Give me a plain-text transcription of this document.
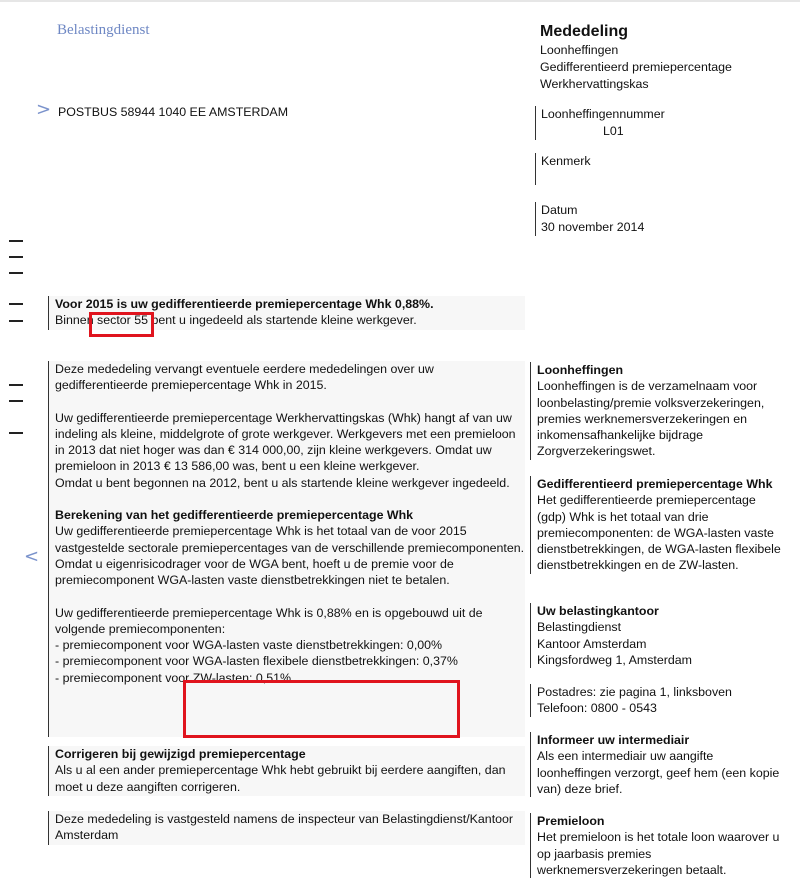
Belastingdienst
> POSTBUS 58944 1040 EE AMSTERDAM
<
Mededeling
Loonheffingen
Gedifferentieerd premiepercentage
Werkhervattingskas
Loonheffingennummer
L01
Kenmerk
Datum
30 november 2014

Voor 2015 is uw gedifferentieerde premiepercentage Whk 0,88%.

Binnen sector 55 bent u ingedeeld als startende kleine werkgever.

Deze mededeling vervangt eventuele eerdere mededelingen over uw gedifferentieerde premiepercentage Whk in 2015.

Uw gedifferentieerde premiepercentage Werkhervattingskas (Whk) hangt af van uw indeling als kleine, middelgrote of grote werkgever. Werkgevers met een premieloon in 2013 dat niet hoger was dan € 314 000,00, zijn kleine werkgevers. Omdat uw premieloon in 2013 € 13 586,00 was, bent u een kleine werkgever.

Omdat u bent begonnen na 2012, bent u als startende kleine werkgever ingedeeld.

Berekening van het gedifferentieerde premiepercentage Whk

Uw gedifferentieerde premiepercentage Whk is het totaal van de voor 2015 vastgestelde sectorale premiepercentages van de verschillende premiecomponenten.

Omdat u eigenrisicodrager voor de WGA bent, hoeft u de premie voor de premiecomponent WGA-lasten vaste dienstbetrekkingen niet te betalen.

Uw gedifferentieerde premiepercentage Whk is 0,88% en is opgebouwd uit de volgende premiecomponenten:

- premiecomponent voor WGA-lasten vaste dienstbetrekkingen: 0,00%

- premiecomponent voor WGA-lasten flexibele dienstbetrekkingen: 0,37%

- premiecomponent voor ZW-lasten: 0,51%

Corrigeren bij gewijzigd premiepercentage

Als u al een ander premiepercentage Whk hebt gebruikt bij eerdere aangiften, dan moet u deze aangiften corrigeren.

Deze mededeling is vastgesteld namens de inspecteur van Belastingdienst/Kantoor Amsterdam

Loonheffingen

Loonheffingen is de verzamelnaam voor loonbelasting/premie volksverzekeringen, premies werknemersverzekeringen en inkomensafhankelijke bijdrage Zorgverzekeringswet.

Gedifferentieerd premiepercentage Whk

Het gedifferentieerde premiepercentage (gdp) Whk is het totaal van drie premiecomponenten: de WGA-lasten vaste dienstbetrekkingen, de WGA-lasten flexibele dienstbetrekkingen en de ZW-lasten.

Uw belastingkantoor

Belastingdienst

Kantoor Amsterdam

Kingsfordweg 1, Amsterdam

Postadres: zie pagina 1, linksboven

Telefoon: 0800 - 0543

Informeer uw intermediair

Als een intermediair uw aangifte loonheffingen verzorgt, geef hem (een kopie van) deze brief.

Premieloon

Het premieloon is het totale loon waarover u op jaarbasis premies werknemersverzekeringen betaalt.
